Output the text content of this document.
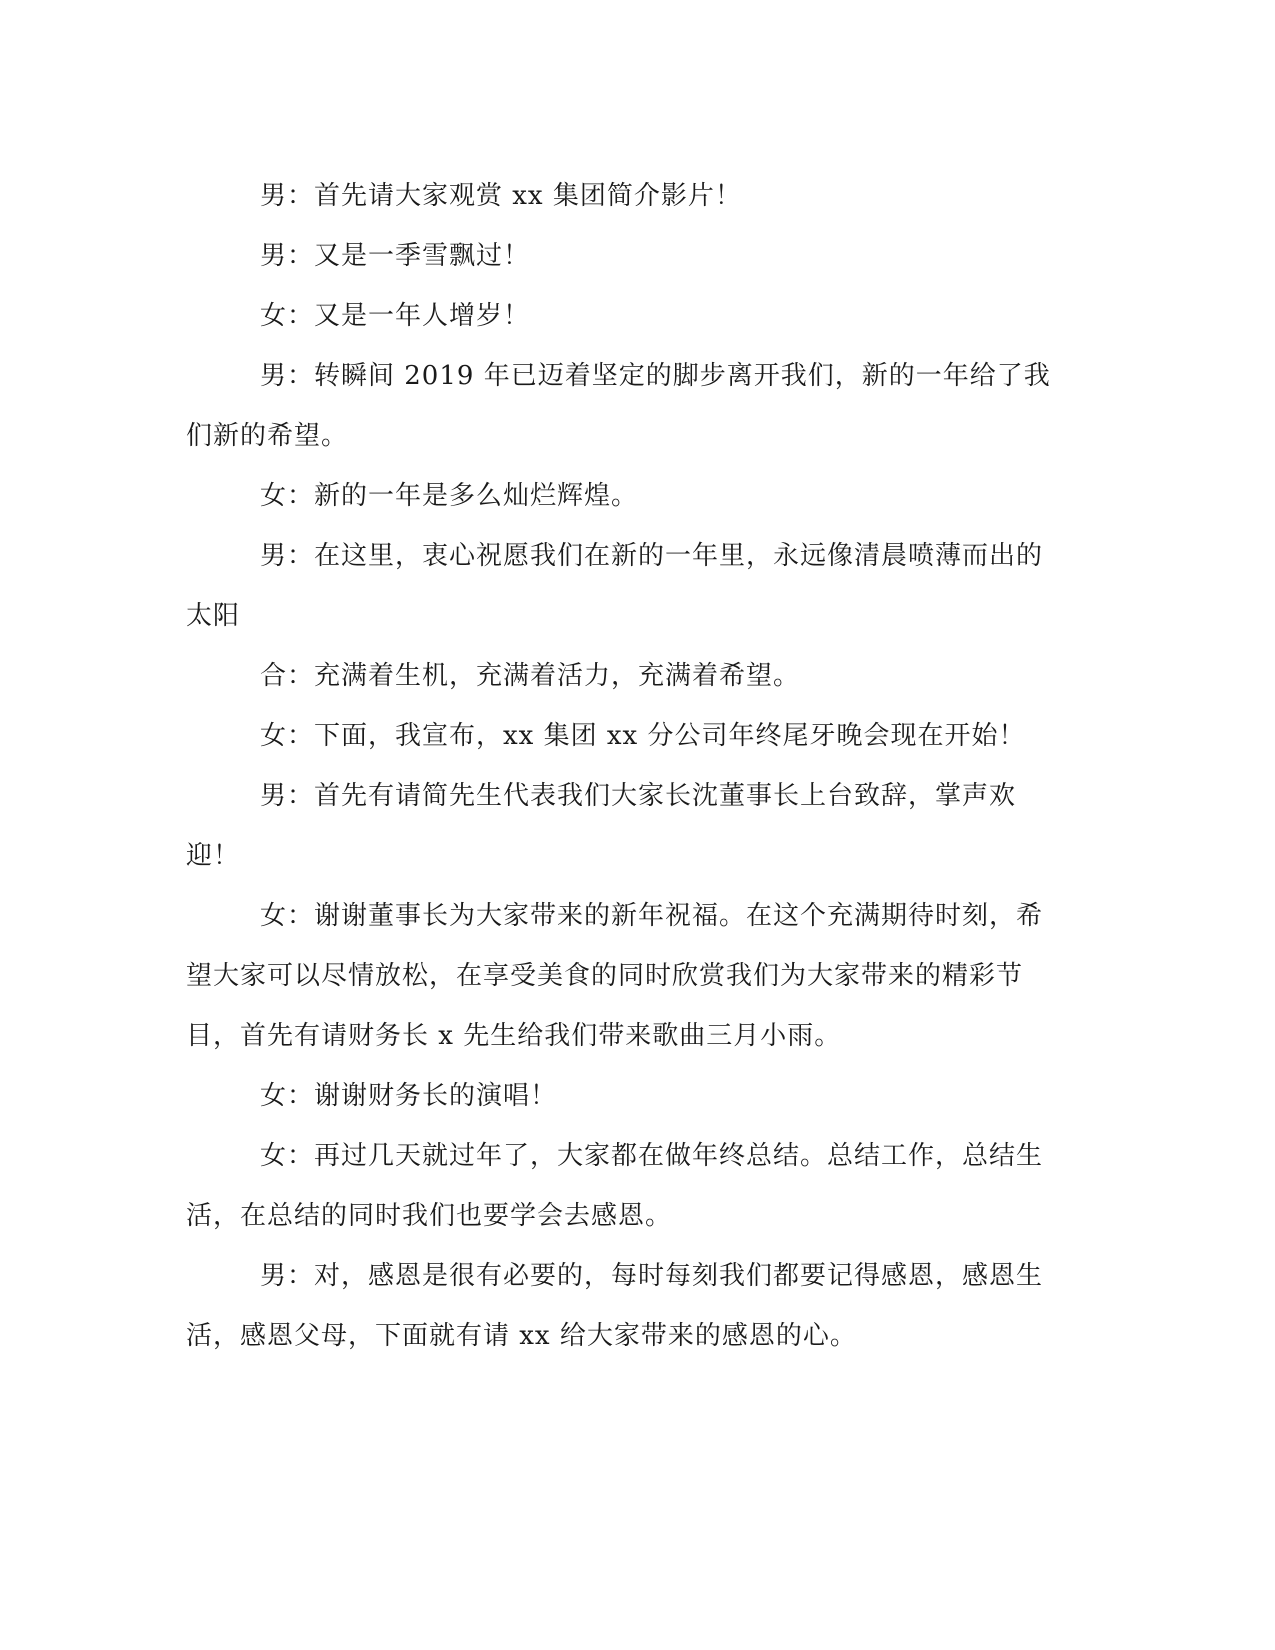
男：首先请大家观赏 xx 集团简介影片！

男：又是一季雪飘过！

女：又是一年人增岁！

男：转瞬间 2019 年已迈着坚定的脚步离开我们，新的一年给了我们新的希望。

女：新的一年是多么灿烂辉煌。

男：在这里，衷心祝愿我们在新的一年里，永远像清晨喷薄而出的太阳

合：充满着生机，充满着活力，充满着希望。

女：下面，我宣布，xx 集团 xx 分公司年终尾牙晚会现在开始！

男：首先有请简先生代表我们大家长沈董事长上台致辞，掌声欢迎！

女：谢谢董事长为大家带来的新年祝福。在这个充满期待时刻，希望大家可以尽情放松，在享受美食的同时欣赏我们为大家带来的精彩节目，首先有请财务长 x 先生给我们带来歌曲三月小雨。

女：谢谢财务长的演唱！

女：再过几天就过年了，大家都在做年终总结。总结工作，总结生活，在总结的同时我们也要学会去感恩。

男：对，感恩是很有必要的，每时每刻我们都要记得感恩，感恩生活，感恩父母，下面就有请 xx 给大家带来的感恩的心。
